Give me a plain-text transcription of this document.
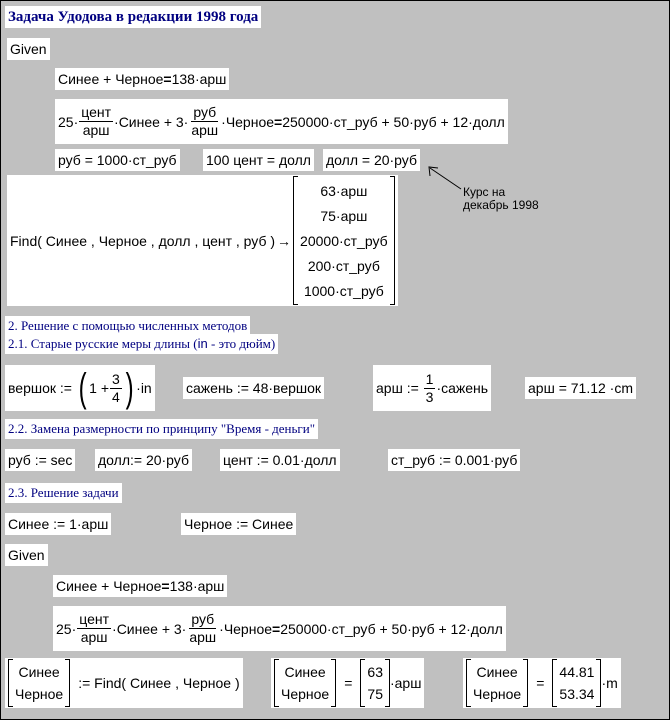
Задача Удодова в редакции 1998 года
Given
Синее + Черное = 138·арш
$25\cdot \frac{\text{цент}}{\text{арш}}$ ·Синее + $3\cdot \frac{\text{руб}}{\text{арш}}$ ·Черное = 250000·ст_руб + 50·руб + 12·долл
руб = 1000·ст_руб 100 цент = долл долл = 20·руб
Курс на
декабрь 1998
Find( Синее , Черное , долл , цент , руб ) →
63·арш
75·арш
20000·ст_руб
200·ст_руб
1000·ст_руб
2. Решение с помощью численных методов
2.1. Старые русские меры длины (in - это дюйм)
вершок :=
( $1 + \frac{3}{4}$ ) ·in сажень := 48·вершок	арш :=
$\frac{1}{3}$ ·сажень	арш = 71.12 ·cm
2.2. Замена размерности по принципу "Время - деньги"
руб := sec долл:= 20·руб цент := 0.01·долл	ст_руб := 0.001·руб
2.3. Решение задачи
Синее := 1·арш	Черное := Синее
Given
Синее + Черное = 138·арш
$25\cdot \frac{\text{цент}}{\text{арш}}$ ·Синее + $3\cdot \frac{\text{руб}}{\text{арш}}$ ·Черное = 250000·ст_руб + 50·руб + 12·долл
Синее
Черное
:= Find( Синее , Черное )
Синее
Черное
=
63
75
·арш
Синее
Черное
=
44.81
53.34
·m
